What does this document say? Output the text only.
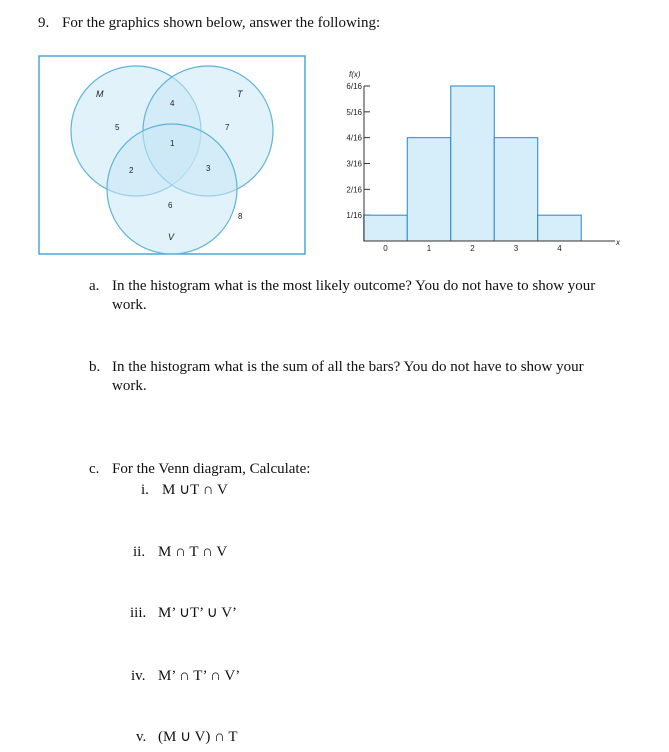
9. For the graphics shown below, answer the following:
M	T
V
5
4
7
2
1
3
6
8
f(x)
x
1/16
2/16
3/16
4/16
5/16
6/16
0	1	2	3	4
a. In the histogram what is the most likely outcome? You do not have to show your
work.
b. In the histogram what is the sum of all the bars? You do not have to show your
work.
c. For the Venn diagram, Calculate:
i. M ∪T ∩ V
ii. M ∩ T ∩ V
iii. M’ ∪T’ ∪ V’
iv. M’ ∩ T’ ∩ V’
v. (M ∪ V) ∩ T
